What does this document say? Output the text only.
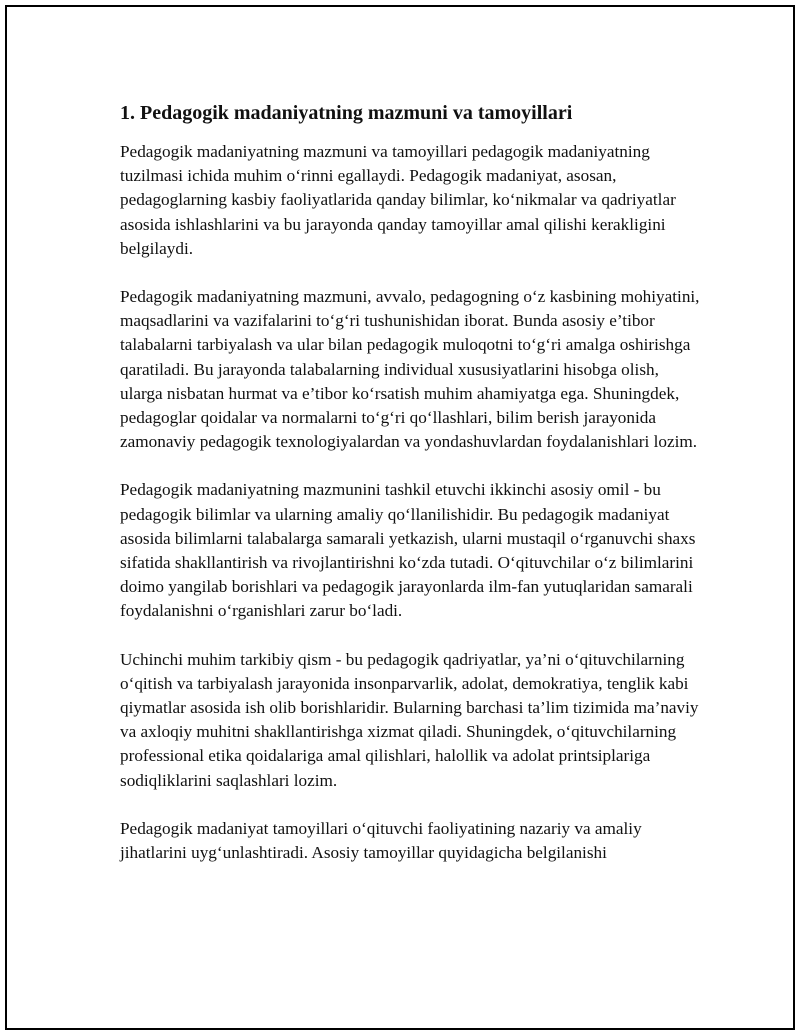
1. Pedagogik madaniyatning mazmuni va tamoyillari

Pedagogik madaniyatning mazmuni va tamoyillari pedagogik madaniyatning tuzilmasi ichida muhim o‘rinni egallaydi. Pedagogik madaniyat, asosan, pedagoglarning kasbiy faoliyatlarida qanday bilimlar, ko‘nikmalar va qadriyatlar asosida ishlashlarini va bu jarayonda qanday tamoyillar amal qilishi kerakligini belgilaydi.

Pedagogik madaniyatning mazmuni, avvalo, pedagogning o‘z kasbining mohiyatini, maqsadlarini va vazifalarini to‘g‘ri tushunishidan iborat. Bunda asosiy e’tibor talabalarni tarbiyalash va ular bilan pedagogik muloqotni to‘g‘ri amalga oshirishga qaratiladi. Bu jarayonda talabalarning individual xususiyatlarini hisobga olish, ularga nisbatan hurmat va e’tibor ko‘rsatish muhim ahamiyatga ega. Shuningdek, pedagoglar qoidalar va normalarni to‘g‘ri qo‘llashlari, bilim berish jarayonida zamonaviy pedagogik texnologiyalardan va yondashuvlardan foydalanishlari lozim.

Pedagogik madaniyatning mazmunini tashkil etuvchi ikkinchi asosiy omil - bu pedagogik bilimlar va ularning amaliy qo‘llanilishidir. Bu pedagogik madaniyat asosida bilimlarni talabalarga samarali yetkazish, ularni mustaqil o‘rganuvchi shaxs sifatida shakllantirish va rivojlantirishni ko‘zda tutadi. O‘qituvchilar o‘z bilimlarini doimo yangilab borishlari va pedagogik jarayonlarda ilm-fan yutuqlaridan samarali foydalanishni o‘rganishlari zarur bo‘ladi.

Uchinchi muhim tarkibiy qism - bu pedagogik qadriyatlar, ya’ni o‘qituvchilarning o‘qitish va tarbiyalash jarayonida insonparvarlik, adolat, demokratiya, tenglik kabi qiymatlar asosida ish olib borishlaridir. Bularning barchasi ta’lim tizimida ma’naviy va axloqiy muhitni shakllantirishga xizmat qiladi. Shuningdek, o‘qituvchilarning professional etika qoidalariga amal qilishlari, halollik va adolat printsiplariga sodiqliklarini saqlashlari lozim.

Pedagogik madaniyat tamoyillari o‘qituvchi faoliyatining nazariy va amaliy jihatlarini uyg‘unlashtiradi. Asosiy tamoyillar quyidagicha belgilanishi
